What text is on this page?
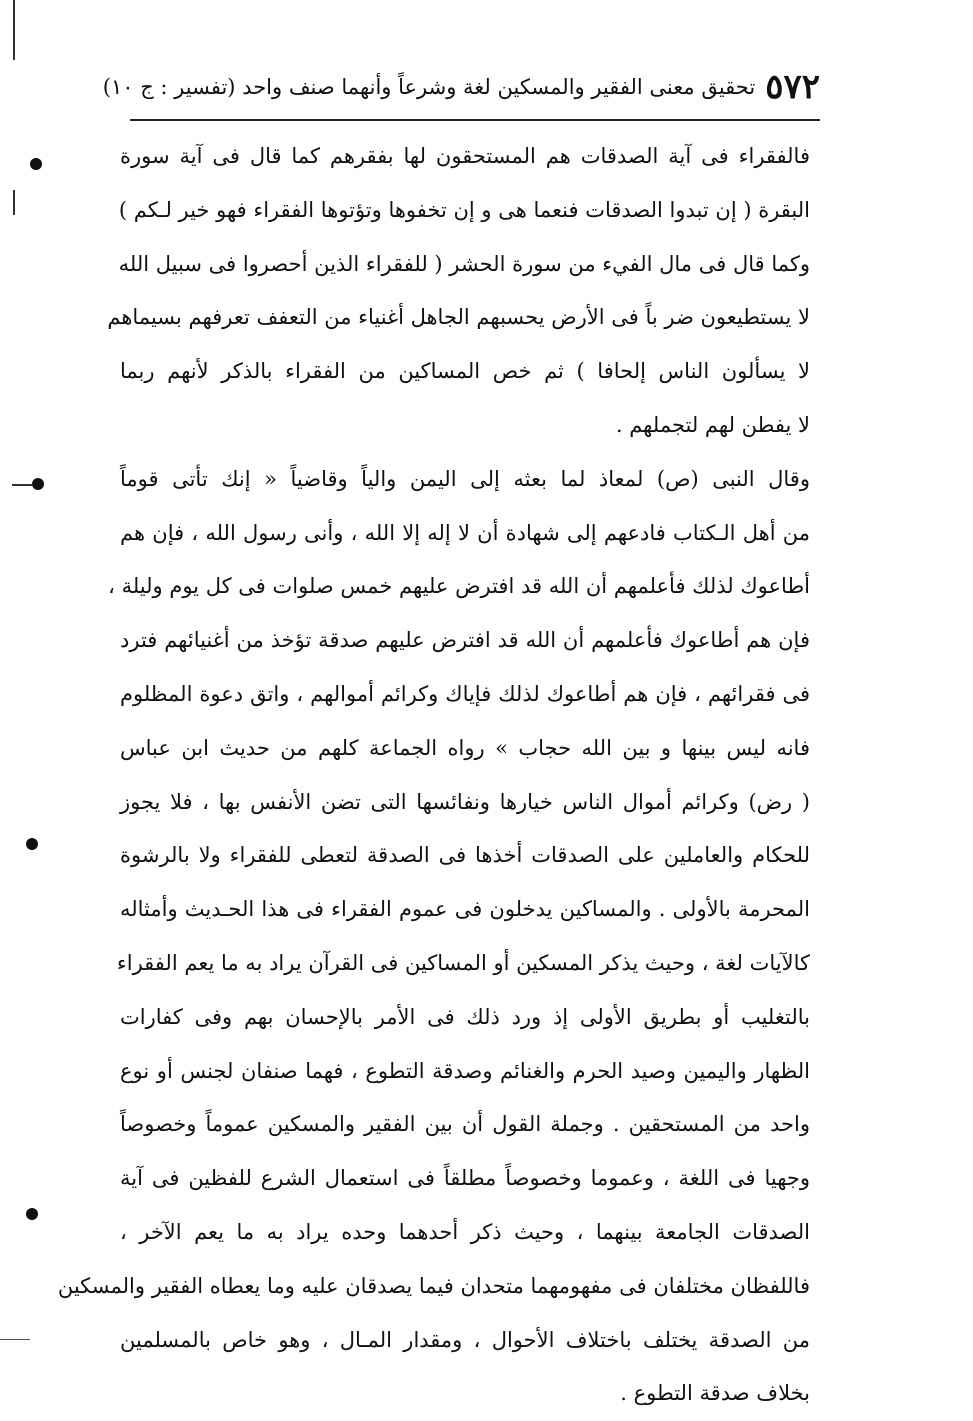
٥٧٢
تحقيق معنى الفقير والمسكين لغة وشرعاً وأنهما صنف واحد (تفسير : ج ١٠)
فالفقراء فى آية الصدقات هم المستحقون لها بفقرهم كما قال فى آية سورة
البقرة ( إن تبدوا الصدقات فنعما هى و إن تخفوها وتؤتوها الفقراء فهو خير لـكم )
وكما قال فى مال الفيء من سورة الحشر ( للفقراء الذين أحصروا فى سبيل الله
لا يستطيعون ضر باً فى الأرض يحسبهم الجاهل أغنياء من التعفف تعرفهم بسيماهم
لا يسألون الناس إلحافا ) ثم خص المساكين من الفقراء بالذكر لأنهم ربما
لا يفطن لهم لتجملهم .
وقال النبى (ص) لمعاذ لما بعثه إلى اليمن والياً وقاضياً « إنك تأتى قوماً
من أهل الـكتاب فادعهم إلى شهادة أن لا إله إلا الله ، وأنى رسول الله ، فإن هم
أطاعوك لذلك فأعلمهم أن الله قد افترض عليهم خمس صلوات فى كل يوم وليلة ،
فإن هم أطاعوك فأعلمهم أن الله قد افترض عليهم صدقة تؤخذ من أغنيائهم فترد
فى فقرائهم ، فإن هم أطاعوك لذلك فإياك وكرائم أموالهم ، واتق دعوة المظلوم
فانه ليس بينها و بين الله حجاب » رواه الجماعة كلهم من حديث ابن عباس
( رض) وكرائم أموال الناس خيارها ونفائسها التى تضن الأنفس بها ، فلا يجوز
للحكام والعاملين على الصدقات أخذها فى الصدقة لتعطى للفقراء ولا بالرشوة
المحرمة بالأولى . والمساكين يدخلون فى عموم الفقراء فى هذا الحـديث وأمثاله
كالآيات لغة ، وحيث يذكر المسكين أو المساكين فى القرآن يراد به ما يعم الفقراء
بالتغليب أو بطريق الأولى إذ ورد ذلك فى الأمر بالإحسان بهم وفى كفارات
الظهار واليمين وصيد الحرم والغنائم وصدقة التطوع ، فهما صنفان لجنس أو نوع
واحد من المستحقين . وجملة القول أن بين الفقير والمسكين عموماً وخصوصاً
وجهيا فى اللغة ، وعموما وخصوصاً مطلقاً فى استعمال الشرع للفظين فى آية
الصدقات الجامعة بينهما ، وحيث ذكر أحدهما وحده يراد به ما يعم الآخر ،
فاللفظان مختلفان فى مفهومهما متحدان فيما يصدقان عليه وما يعطاه الفقير والمسكين
من الصدقة يختلف باختلاف الأحوال ، ومقدار المـال ، وهو خاص بالمسلمين
بخلاف صدقة التطوع .
